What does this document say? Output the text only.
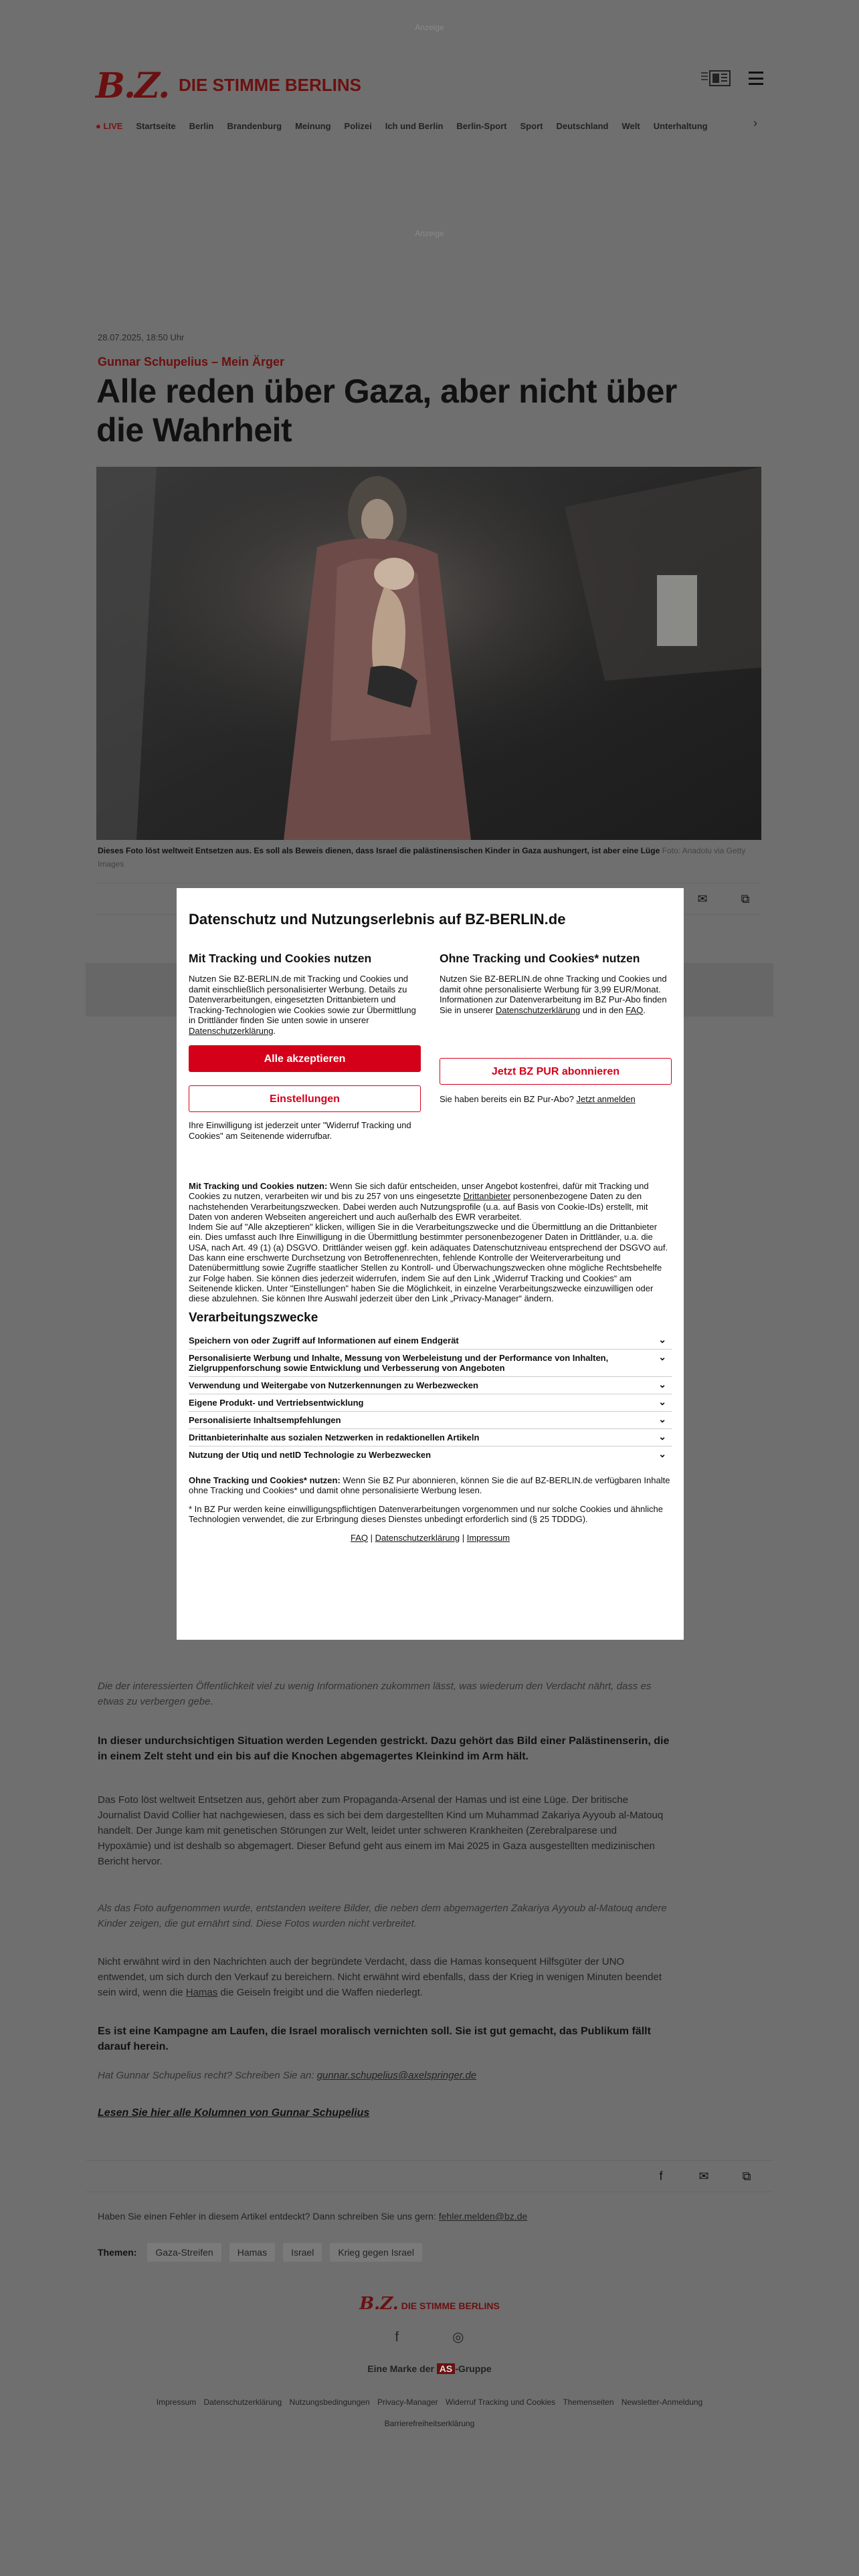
Anzeige
B.Z. DIE STIMME BERLINS
● LIVE Startseite Berlin Brandenburg Meinung Polizei Ich und Berlin Berlin-Sport Sport Deutschland Welt Unterhaltung	›
Anzeige
28.07.2025, 18:50 Uhr
Gunnar Schupelius – Mein Ärger
Alle reden über Gaza, aber nicht über die Wahrheit
Dieses Foto löst weltweit Entsetzen aus. Es soll als Beweis dienen, dass Israel die palästinensischen Kinder in Gaza aushungert, ist aber eine Lüge Foto: Anadolu via Getty Images
✉	⧉
Die der interessierten Öffentlichkeit viel zu wenig Informationen zukommen lässt, was wiederum den Verdacht nährt, dass es etwas zu verbergen gebe.
In dieser undurchsichtigen Situation werden Legenden gestrickt. Dazu gehört das Bild einer Palästinenserin, die in einem Zelt steht und ein bis auf die Knochen abgemagertes Kleinkind im Arm hält.
Das Foto löst weltweit Entsetzen aus, gehört aber zum Propaganda-Arsenal der Hamas und ist eine Lüge. Der britische Journalist David Collier hat nachgewiesen, dass es sich bei dem dargestellten Kind um Muhammad Zakariya Ayyoub al-Matouq handelt. Der Junge kam mit genetischen Störungen zur Welt, leidet unter schweren Krankheiten (Zerebralparese und Hypoxämie) und ist deshalb so abgemagert. Dieser Befund geht aus einem im Mai 2025 in Gaza ausgestellten medizinischen Bericht hervor.
Als das Foto aufgenommen wurde, entstanden weitere Bilder, die neben dem abgemagerten Zakariya Ayyoub al-Matouq andere Kinder zeigen, die gut ernährt sind. Diese Fotos wurden nicht verbreitet.
Nicht erwähnt wird in den Nachrichten auch der begründete Verdacht, dass die Hamas konsequent Hilfsgüter der UNO entwendet, um sich durch den Verkauf zu bereichern. Nicht erwähnt wird ebenfalls, dass der Krieg in wenigen Minuten beendet sein wird, wenn die Hamas die Geiseln freigibt und die Waffen niederlegt.
Es ist eine Kampagne am Laufen, die Israel moralisch vernichten soll. Sie ist gut gemacht, das Publikum fällt darauf herein.
Hat Gunnar Schupelius recht? Schreiben Sie an: gunnar.schupelius@axelspringer.de
Lesen Sie hier alle Kolumnen von Gunnar Schupelius
f	✉	⧉
Haben Sie einen Fehler in diesem Artikel entdeckt? Dann schreiben Sie uns gern: fehler.melden@bz.de
Themen:	Gaza-Streifen	Hamas	Israel	Krieg gegen Israel
B.Z. DIE STIMME BERLINS
f	◎
Eine Marke der AS -Gruppe
Impressum Datenschutzerklärung Nutzungsbedingungen Privacy-Manager Widerruf Tracking und Cookies Themenseiten Newsletter-Anmeldung
Barrierefreiheitserklärung
Datenschutz und Nutzungserlebnis auf BZ-BERLIN.de
Mit Tracking und Cookies nutzen

Nutzen Sie BZ-BERLIN.de mit Tracking und Cookies und damit einschließlich personalisierter Werbung. Details zu Datenverarbeitungen, eingesetzten Drittanbietern und Tracking-Technologien wie Cookies sowie zur Übermittlung in Drittländer finden Sie unten sowie in unserer Datenschutzerklärung.

Alle akzeptieren
Einstellungen

Ihre Einwilligung ist jederzeit unter "Widerruf Tracking und Cookies" am Seitenende widerrufbar.

Ohne Tracking und Cookies* nutzen

Nutzen Sie BZ-BERLIN.de ohne Tracking und Cookies und damit ohne personalisierte Werbung für 3,99 EUR/Monat. Informationen zur Datenverarbeitung im BZ Pur-Abo finden Sie in unserer Datenschutzerklärung und in den FAQ.

Jetzt BZ PUR abonnieren

Sie haben bereits ein BZ Pur-Abo? Jetzt anmelden

Mit Tracking und Cookies nutzen: Wenn Sie sich dafür entscheiden, unser Angebot kostenfrei, dafür mit Tracking und Cookies zu nutzen, verarbeiten wir und bis zu 257 von uns eingesetzte Drittanbieter personenbezogene Daten zu den nachstehenden Verarbeitungszwecken. Dabei werden auch Nutzungsprofile (u.a. auf Basis von Cookie-IDs) erstellt, mit Daten von anderen Webseiten angereichert und auch außerhalb des EWR verarbeitet.
Indem Sie auf "Alle akzeptieren" klicken, willigen Sie in die Verarbeitungszwecke und die Übermittlung an die Drittanbieter ein. Dies umfasst auch Ihre Einwilligung in die Übermittlung bestimmter personenbezogener Daten in Drittländer, u.a. die USA, nach Art. 49 (1) (a) DSGVO. Drittländer weisen ggf. kein adäquates Datenschutzniveau entsprechend der DSGVO auf. Das kann eine erschwerte Durchsetzung von Betroffenenrechten, fehlende Kontrolle der Weiterverarbeitung und Datenübermittlung sowie Zugriffe staatlicher Stellen zu Kontroll- und Überwachungszwecken ohne mögliche Rechtsbehelfe zur Folge haben. Sie können dies jederzeit widerrufen, indem Sie auf den Link „Widerruf Tracking und Cookies“ am Seitenende klicken. Unter "Einstellungen" haben Sie die Möglichkeit, in einzelne Verarbeitungszwecke einzuwilligen oder diese abzulehnen. Sie können Ihre Auswahl jederzeit über den Link „Privacy-Manager“ ändern.
Verarbeitungszwecke
Speichern von oder Zugriff auf Informationen auf einem Endgerät	⌄
Personalisierte Werbung und Inhalte, Messung von Werbeleistung und der Performance von Inhalten, Zielgruppenforschung sowie Entwicklung und Verbesserung von Angeboten
⌄
Verwendung und Weitergabe von Nutzerkennungen zu Werbezwecken	⌄
Eigene Produkt- und Vertriebsentwicklung	⌄
Personalisierte Inhaltsempfehlungen	⌄
Drittanbieterinhalte aus sozialen Netzwerken in redaktionellen Artikeln	⌄
Nutzung der Utiq und netID Technologie zu Werbezwecken	⌄

Ohne Tracking und Cookies* nutzen: Wenn Sie BZ Pur abonnieren, können Sie die auf BZ-BERLIN.de verfügbaren Inhalte ohne Tracking und Cookies* und damit ohne personalisierte Werbung lesen.

* In BZ Pur werden keine einwilligungspflichtigen Datenverarbeitungen vorgenommen und nur solche Cookies und ähnliche Technologien verwendet, die zur Erbringung dieses Dienstes unbedingt erforderlich sind (§ 25 TDDDG).

FAQ | Datenschutzerklärung | Impressum
